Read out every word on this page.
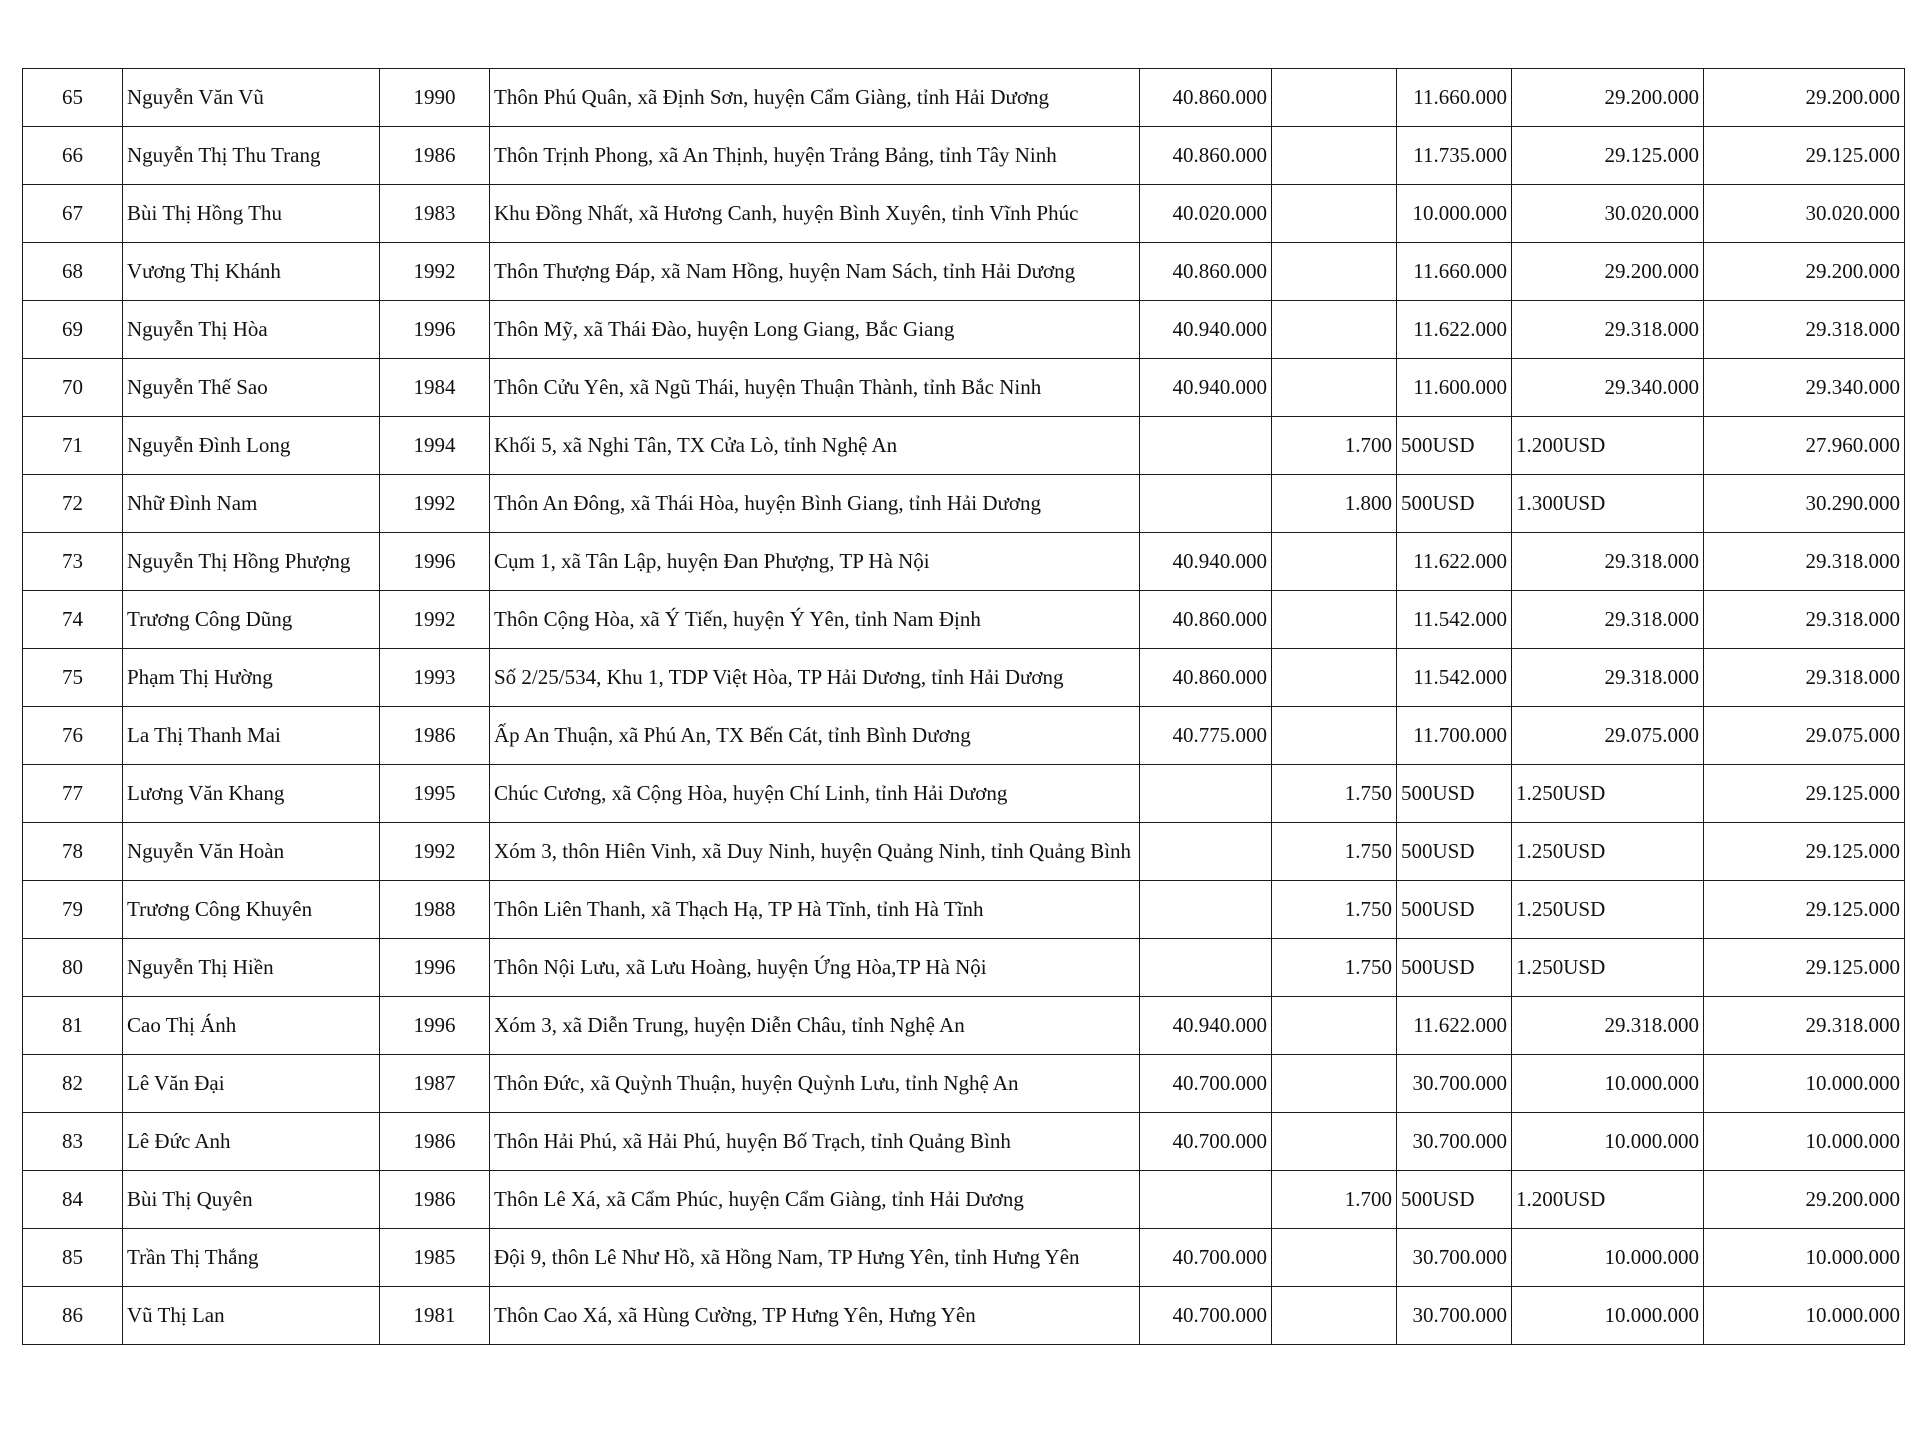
65	Nguyễn Văn Vũ	1990	Thôn Phú Quân, xã Định Sơn, huyện Cẩm Giàng, tỉnh Hải Dương	40.860.000		11.660.000	29.200.000	29.200.000
66	Nguyễn Thị Thu Trang	1986	Thôn Trịnh Phong, xã An Thịnh, huyện Trảng Bảng, tỉnh Tây Ninh	40.860.000		11.735.000	29.125.000	29.125.000
67	Bùi Thị Hồng Thu	1983	Khu Đồng Nhất, xã Hương Canh, huyện Bình Xuyên, tỉnh Vĩnh Phúc	40.020.000		10.000.000	30.020.000	30.020.000
68	Vương Thị Khánh	1992	Thôn Thượng Đáp, xã Nam Hồng, huyện Nam Sách, tỉnh Hải Dương	40.860.000		11.660.000	29.200.000	29.200.000
69	Nguyễn Thị Hòa	1996	Thôn Mỹ, xã Thái Đào, huyện Long Giang, Bắc Giang	40.940.000		11.622.000	29.318.000	29.318.000
70	Nguyễn Thế Sao	1984	Thôn Cửu Yên, xã Ngũ Thái, huyện Thuận Thành, tỉnh Bắc Ninh	40.940.000		11.600.000	29.340.000	29.340.000
71	Nguyễn Đình Long	1994	Khối 5, xã Nghi Tân, TX Cửa Lò, tỉnh Nghệ An		1.700	500USD	1.200USD	27.960.000
72	Nhữ Đình Nam	1992	Thôn An Đông, xã Thái Hòa, huyện Bình Giang, tỉnh Hải Dương		1.800	500USD	1.300USD	30.290.000
73	Nguyễn Thị Hồng Phượng	1996	Cụm 1, xã Tân Lập, huyện Đan Phượng, TP Hà Nội	40.940.000		11.622.000	29.318.000	29.318.000
74	Trương Công Dũng	1992	Thôn Cộng Hòa, xã Ý Tiến, huyện Ý Yên, tỉnh Nam Định	40.860.000		11.542.000	29.318.000	29.318.000
75	Phạm Thị Hường	1993	Số 2/25/534, Khu 1, TDP Việt Hòa, TP Hải Dương, tỉnh Hải Dương	40.860.000		11.542.000	29.318.000	29.318.000
76	La Thị Thanh Mai	1986	Ấp An Thuận, xã Phú An, TX Bến Cát, tỉnh Bình Dương	40.775.000		11.700.000	29.075.000	29.075.000
77	Lương Văn Khang	1995	Chúc Cương, xã Cộng Hòa, huyện Chí Linh, tỉnh Hải Dương		1.750	500USD	1.250USD	29.125.000
78	Nguyễn Văn Hoàn	1992	Xóm 3, thôn Hiên Vinh, xã Duy Ninh, huyện Quảng Ninh, tỉnh Quảng Bình		1.750	500USD	1.250USD	29.125.000
79	Trương Công Khuyên	1988	Thôn Liên Thanh, xã Thạch Hạ, TP Hà Tĩnh, tỉnh Hà Tĩnh		1.750	500USD	1.250USD	29.125.000
80	Nguyễn Thị Hiền	1996	Thôn Nội Lưu, xã Lưu Hoàng, huyện Ứng Hòa,TP Hà Nội		1.750	500USD	1.250USD	29.125.000
81	Cao Thị Ánh	1996	Xóm 3, xã Diễn Trung, huyện Diễn Châu, tỉnh Nghệ An	40.940.000		11.622.000	29.318.000	29.318.000
82	Lê Văn Đại	1987	Thôn Đức, xã Quỳnh Thuận, huyện Quỳnh Lưu, tỉnh Nghệ An	40.700.000		30.700.000	10.000.000	10.000.000
83	Lê Đức Anh	1986	Thôn Hải Phú, xã Hải Phú, huyện Bố Trạch, tỉnh Quảng Bình	40.700.000		30.700.000	10.000.000	10.000.000
84	Bùi Thị Quyên	1986	Thôn Lê Xá, xã Cẩm Phúc, huyện Cẩm Giàng, tỉnh Hải Dương		1.700	500USD	1.200USD	29.200.000
85	Trần Thị Thắng	1985	Đội 9, thôn Lê Như Hồ, xã Hồng Nam, TP Hưng Yên, tỉnh Hưng Yên	40.700.000		30.700.000	10.000.000	10.000.000
86	Vũ Thị Lan	1981	Thôn Cao Xá, xã Hùng Cường, TP Hưng Yên, Hưng Yên	40.700.000		30.700.000	10.000.000	10.000.000
